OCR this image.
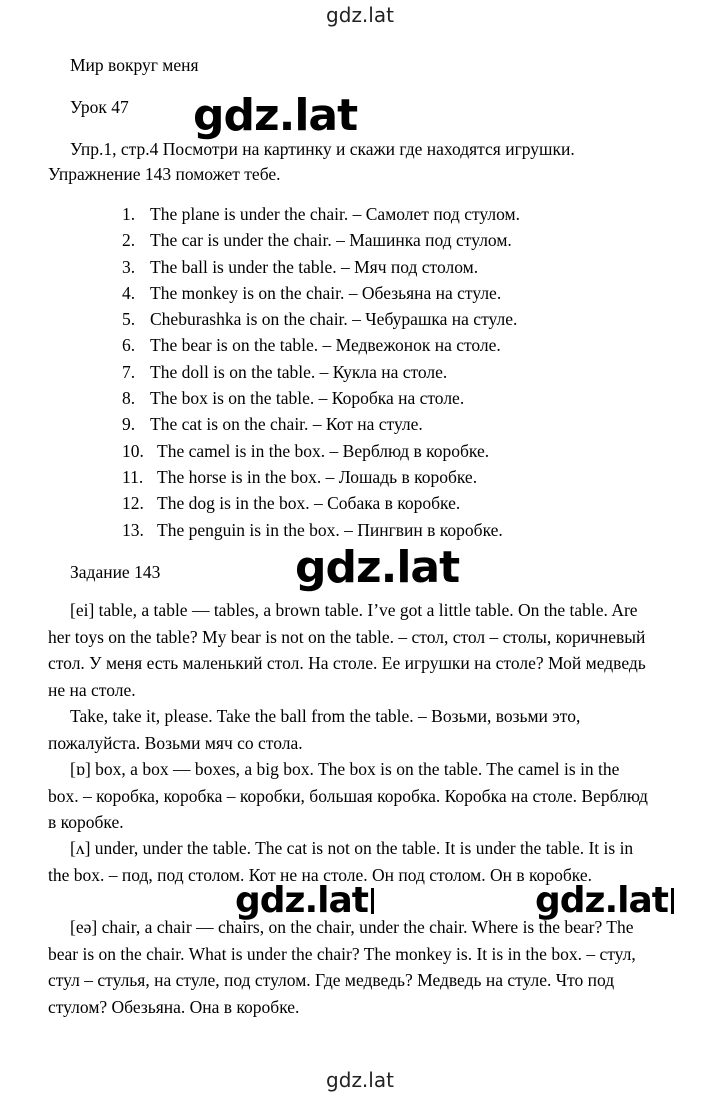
gdz.lat
Мир вокруг меня
Урок 47
Упр.1, стр.4 Посмотри на картинку и скажи где находятся игрушки.
Упражнение 143 поможет тебе.
1. The plane is under the chair. – Самолет под стулом.
2. The car is under the chair. – Машинка под стулом.
3. The ball is under the table. – Мяч под столом.
4. The monkey is on the chair. – Обезьяна на стуле.
5. Cheburashka is on the chair. – Чебурашка на стуле.
6. The bear is on the table. – Медвежонок на столе.
7. The doll is on the table. – Кукла на столе.
8. The box is on the table. – Коробка на столе.
9. The cat is on the chair. – Кот на стуле.
10. The camel is in the box. – Верблюд в коробке.
11. The horse is in the box. – Лошадь в коробке.
12. The dog is in the box. – Собака в коробке.
13. The penguin is in the box. – Пингвин в коробке.
Задание 143

[ei] table, a table — tables, a brown table. I’ve got a little table. On the table. Are her toys on the table? My bear is not on the table. – стол, стол – столы, коричневый стол. У меня есть маленький стол. На столе. Ее игрушки на столе? Мой медведь не на столе.

Take, take it, please. Take the ball from the table. – Возьми, возьми это, пожалуйста. Возьми мяч со стола.

[ɒ] box, a box — boxes, a big box. The box is on the table. The camel is in the box. – коробка, коробка – коробки, большая коробка. Коробка на столе. Верблюд в коробке.

[ʌ] under, under the table. The cat is not on the table. It is under the table. It is in the box. – под, под столом. Кот не на столе. Он под столом. Он в коробке.

[eə] chair, a chair — chairs, on the chair, under the chair. Where is the bear? The bear is on the chair. What is under the chair? The monkey is. It is in the box. – стул, стул – стулья, на стуле, под стулом. Где медведь? Медведь на стуле. Что под стулом? Обезьяна. Она в коробке.

gdz.lat
gdz.lat
gdz.lat	gdz.lat
gdz.lat
